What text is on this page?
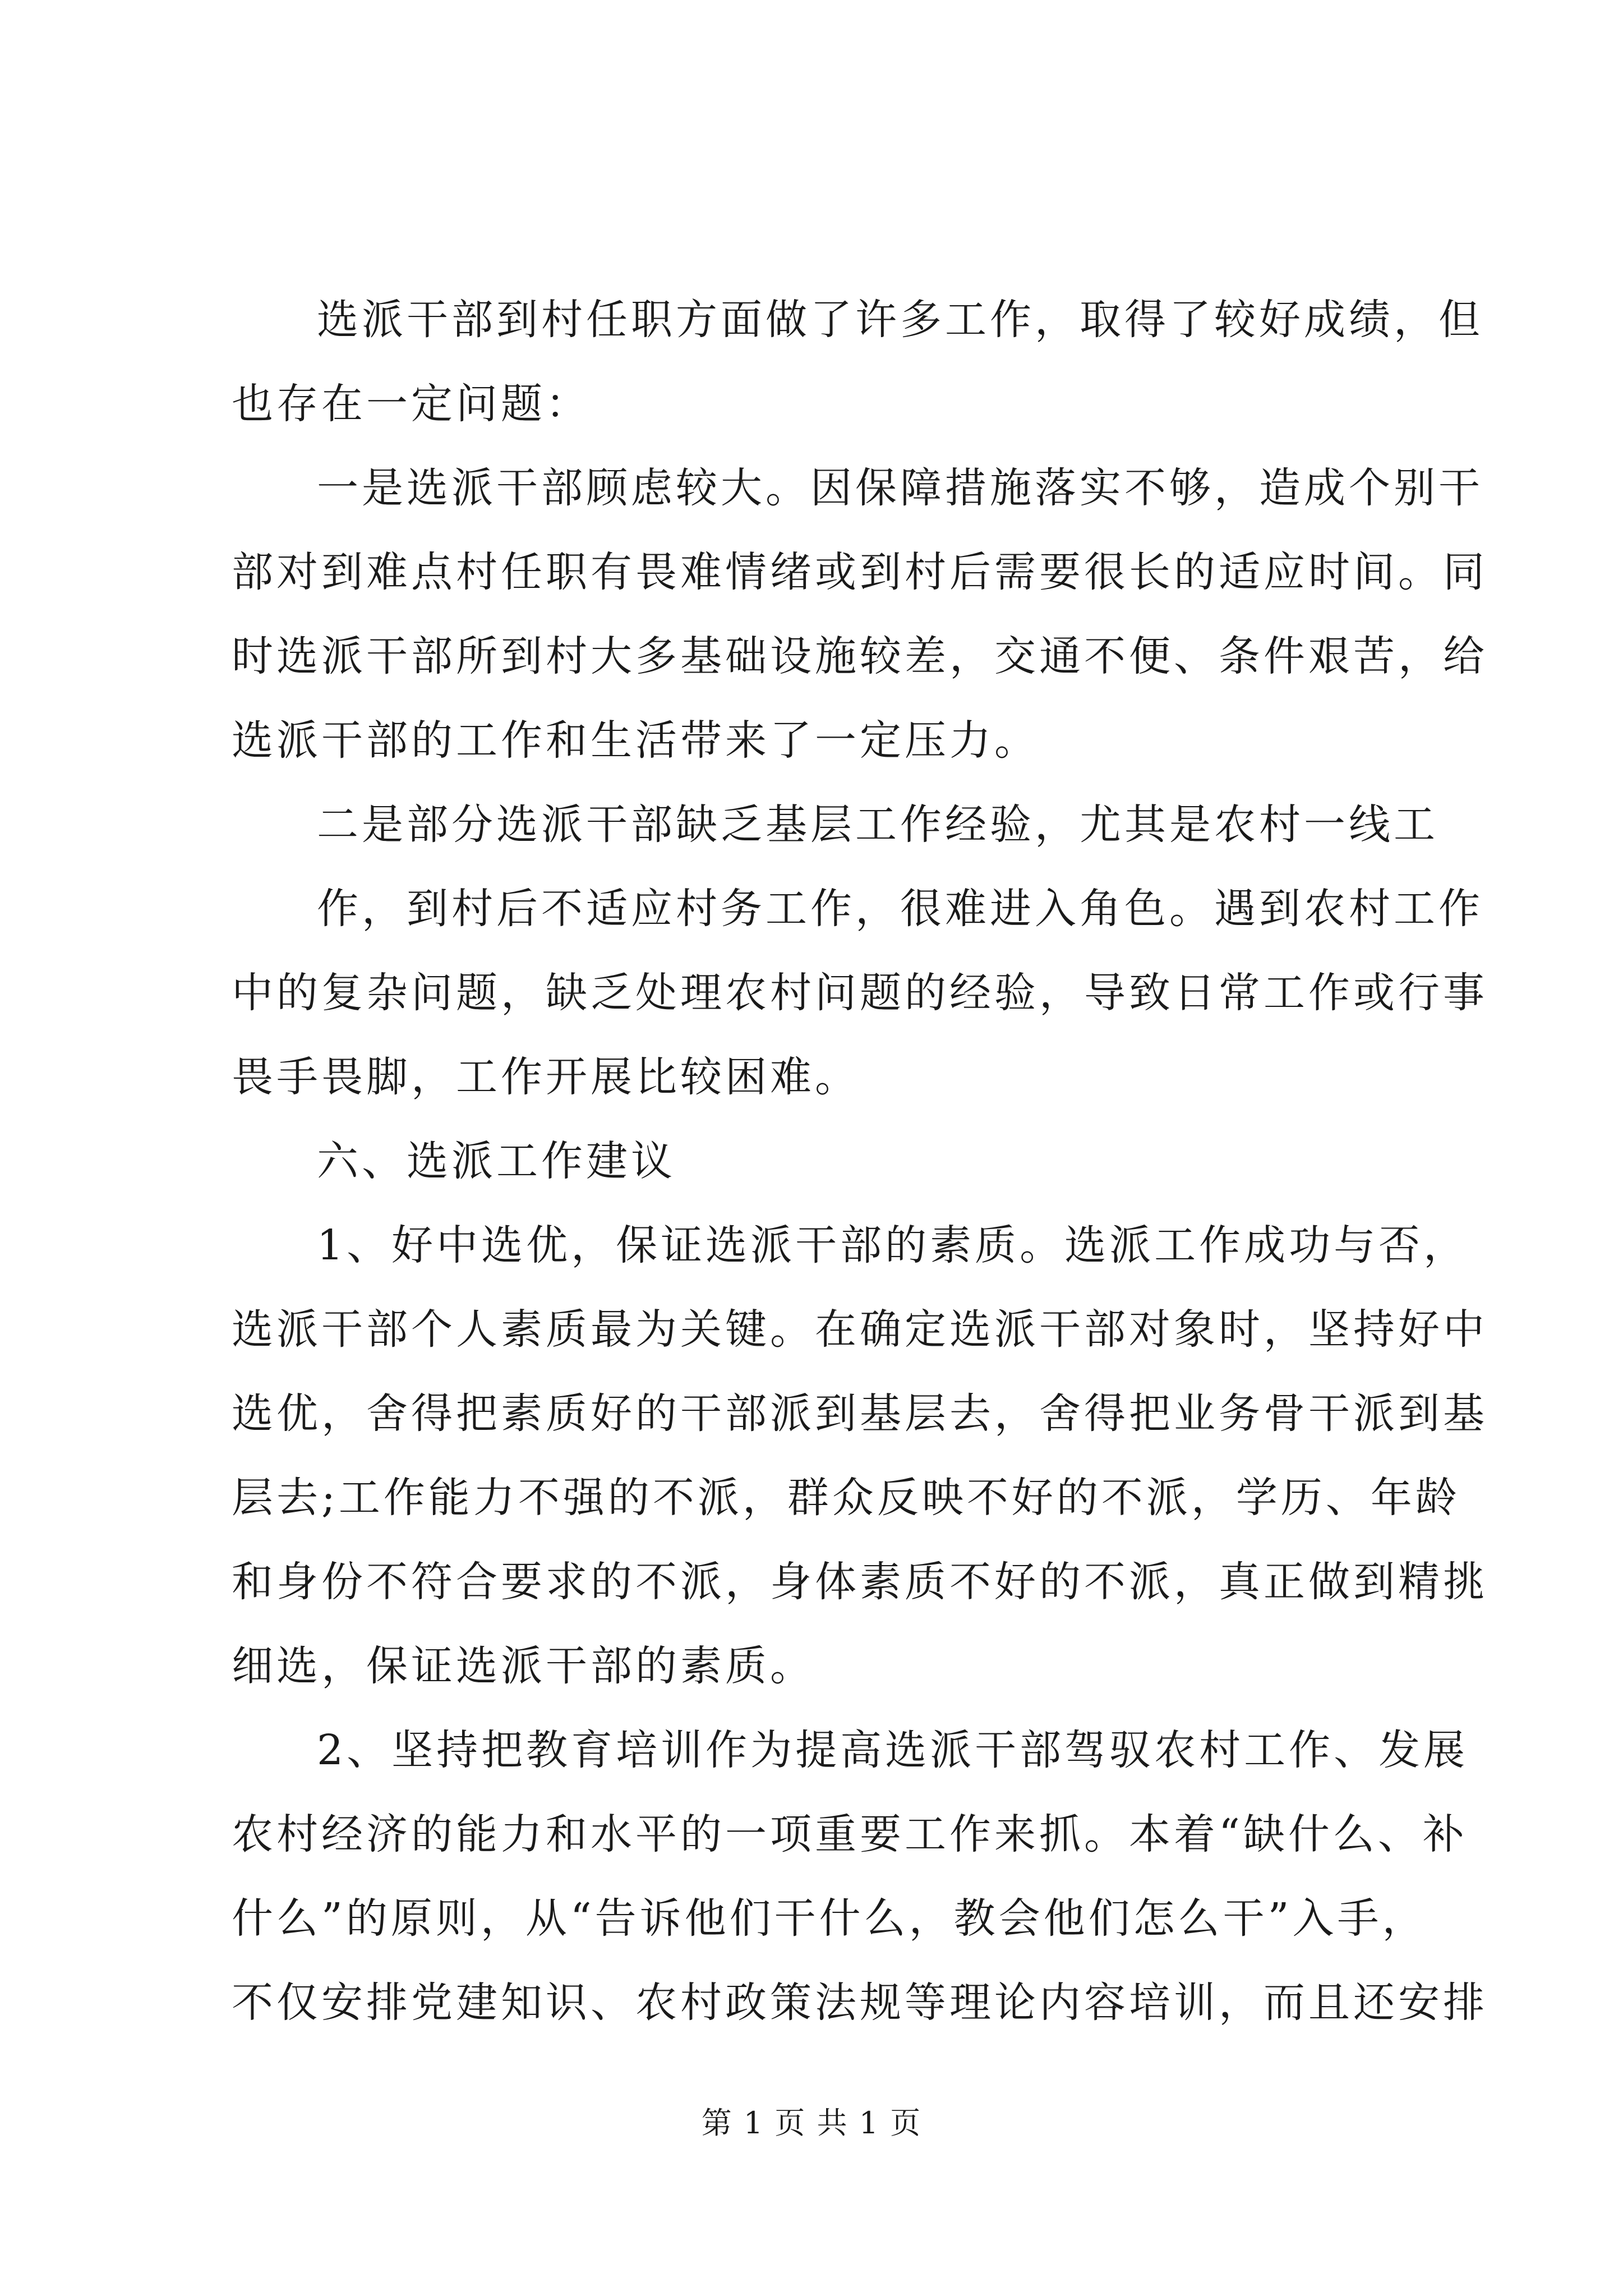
选派干部到村任职方面做了许多工作，取得了较好成绩，但
也存在一定问题：
一是选派干部顾虑较大。因保障措施落实不够，造成个别干
部对到难点村任职有畏难情绪或到村后需要很长的适应时间。同
时选派干部所到村大多基础设施较差，交通不便、条件艰苦，给
选派干部的工作和生活带来了一定压力。
二是部分选派干部缺乏基层工作经验，尤其是农村一线工
作，到村后不适应村务工作，很难进入角色。遇到农村工作
中的复杂问题，缺乏处理农村问题的经验，导致日常工作或行事
畏手畏脚，工作开展比较困难。
六、选派工作建议
1、好中选优，保证选派干部的素质。选派工作成功与否，
选派干部个人素质最为关键。在确定选派干部对象时，坚持好中
选优，舍得把素质好的干部派到基层去，舍得把业务骨干派到基
层去;工作能力不强的不派，群众反映不好的不派，学历、年龄
和身份不符合要求的不派，身体素质不好的不派，真正做到精挑
细选，保证选派干部的素质。
2、坚持把教育培训作为提高选派干部驾驭农村工作、发展
农村经济的能力和水平的一项重要工作来抓。本着“缺什么、补
什么”的原则，从“告诉他们干什么，教会他们怎么干”入手，
不仅安排党建知识、农村政策法规等理论内容培训，而且还安排
第 1 页 共 1 页
